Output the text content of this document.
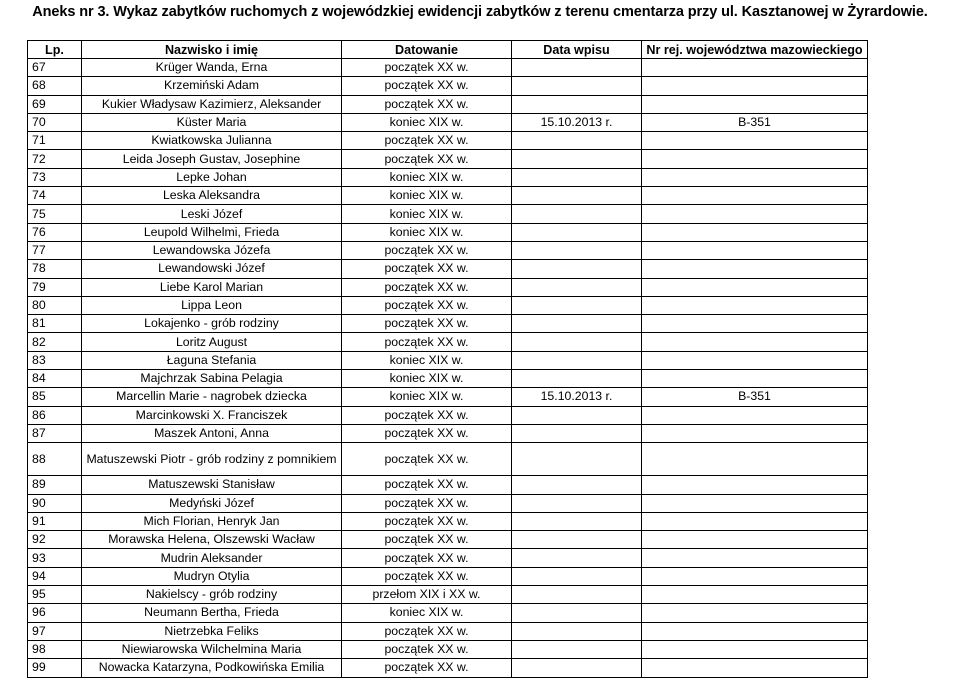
Aneks nr 3. Wykaz zabytków ruchomych z wojewódzkiej ewidencji zabytków z terenu cmentarza przy ul. Kasztanowej w Żyrardowie.
Lp.	Nazwisko i imię	Datowanie	Data wpisu	Nr rej. województwa mazowieckiego
67	Krüger Wanda, Erna	początek XX w.		
68	Krzemiński Adam	początek XX w.		
69	Kukier Władysaw Kazimierz, Aleksander	początek XX w.		
70	Küster Maria	koniec XIX w.	15.10.2013 r.	B-351
71	Kwiatkowska Julianna	początek XX w.		
72	Leida Joseph Gustav, Josephine	początek XX w.		
73	Lepke Johan	koniec XIX w.		
74	Leska Aleksandra	koniec XIX w.		
75	Leski Józef	koniec XIX w.		
76	Leupold Wilhelmi, Frieda	koniec XIX w.		
77	Lewandowska Józefa	początek XX w.		
78	Lewandowski Józef	początek XX w.		
79	Liebe Karol Marian	początek XX w.		
80	Lippa Leon	początek XX w.		
81	Lokajenko - grób rodziny	początek XX w.		
82	Loritz August	początek XX w.		
83	Łaguna Stefania	koniec XIX w.		
84	Majchrzak Sabina Pelagia	koniec XIX w.		
85	Marcellin Marie - nagrobek dziecka	koniec XIX w.	15.10.2013 r.	B-351
86	Marcinkowski X. Franciszek	początek XX w.		
87	Maszek Antoni, Anna	początek XX w.		
88	Matuszewski Piotr - grób rodziny z pomnikiem	początek XX w.		
89	Matuszewski Stanisław	początek XX w.		
90	Medyński Józef	początek XX w.		
91	Mich Florian, Henryk Jan	początek XX w.		
92	Morawska Helena, Olszewski Wacław	początek XX w.		
93	Mudrin Aleksander	początek XX w.		
94	Mudryn Otylia	początek XX w.		
95	Nakielscy - grób rodziny	przełom XIX i XX w.		
96	Neumann Bertha, Frieda	koniec XIX w.		
97	Nietrzebka Feliks	początek XX w.		
98	Niewiarowska Wilchelmina Maria	początek XX w.		
99	Nowacka Katarzyna, Podkowińska Emilia	początek XX w.		
